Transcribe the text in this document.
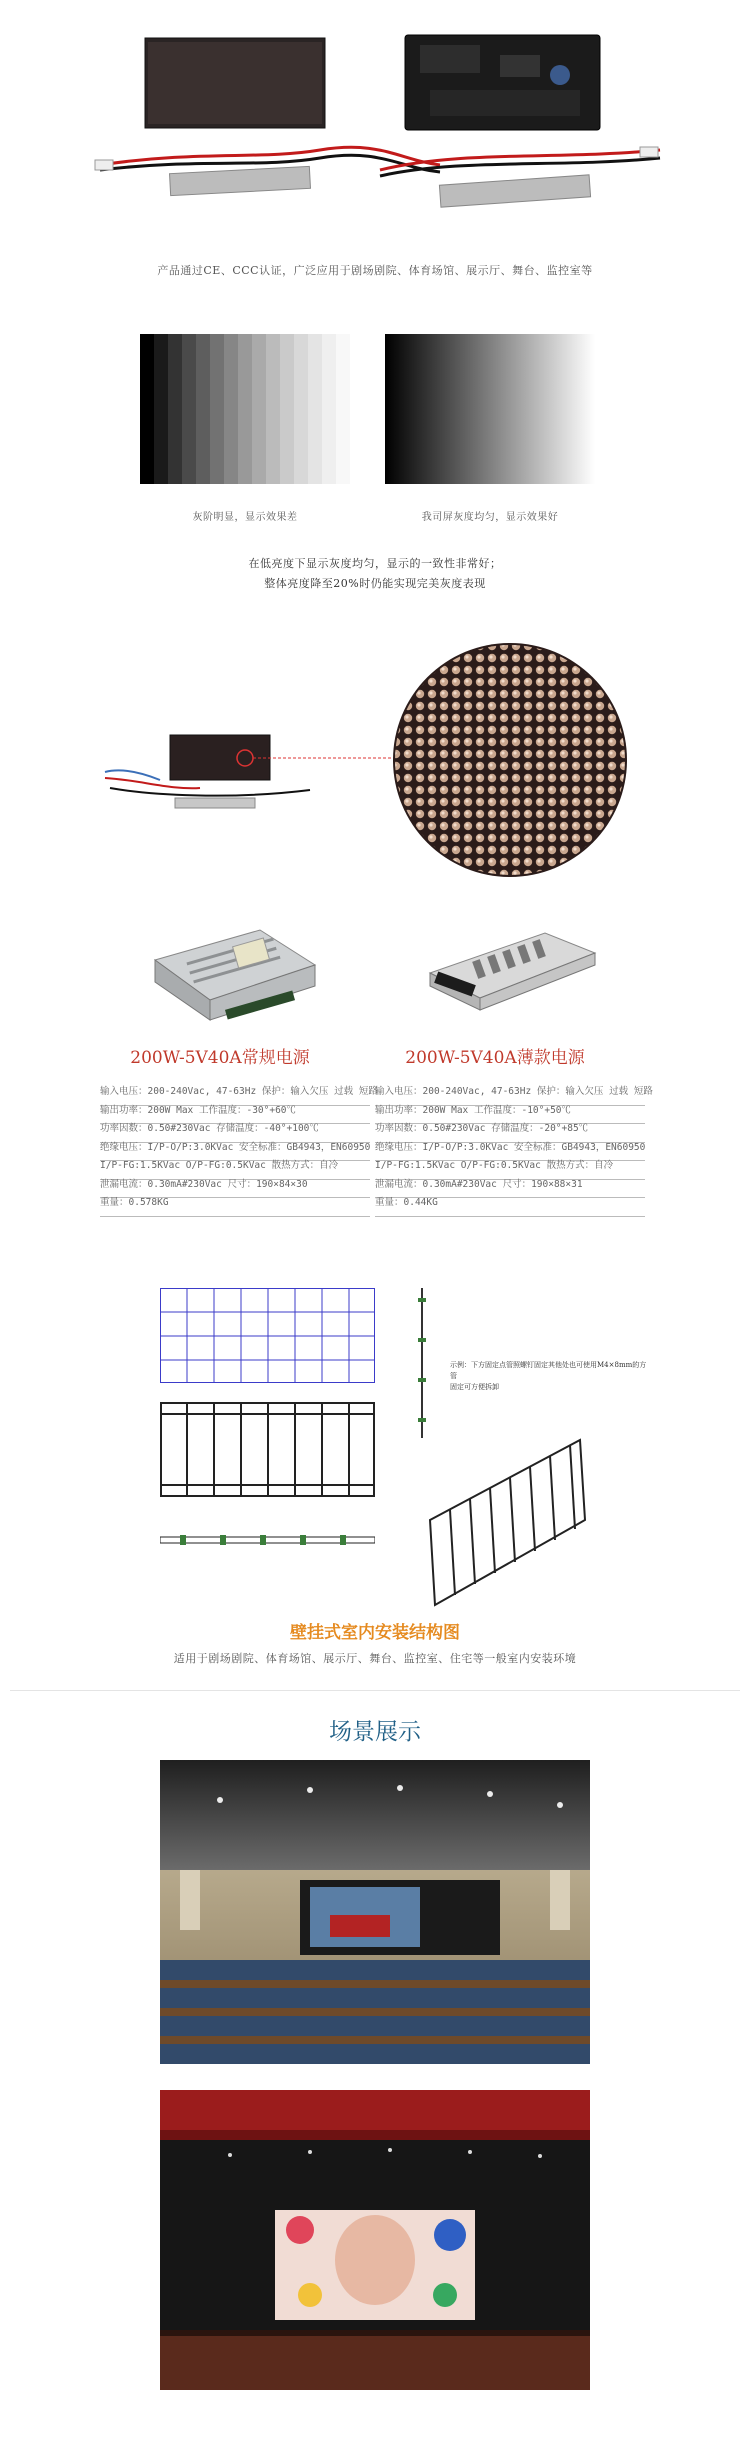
产品通过CE、CCC认证，广泛应用于剧场剧院、体育场馆、展示厅、舞台、监控室等
灰阶明显，显示效果差	我司屏灰度均匀，显示效果好
在低亮度下显示灰度均匀，显示的一致性非常好；
整体亮度降至20%时仍能实现完美灰度表现
200W-5V40A常规电源	200W-5V40A薄款电源
输入电压：200-240Vac, 47-63Hz 保护：输入欠压 过载 短路
输出功率：200W Max 工作温度：-30°+60℃
功率因数：0.50#230Vac 存储温度：-40°+100℃
绝缘电压：I/P-O/P:3.0KVac 安全标准：GB4943，EN60950
I/P-FG:1.5KVac O/P-FG:0.5KVac 散热方式：自冷
泄漏电流：0.30mA#230Vac 尺寸：190×84×30
重量：0.578KG
输入电压：200-240Vac, 47-63Hz 保护：输入欠压 过载 短路
输出功率：200W Max 工作温度：-10°+50℃
功率因数：0.50#230Vac 存储温度：-20°+85℃
绝缘电压：I/P-O/P:3.0KVac 安全标准：GB4943，EN60950
I/P-FG:1.5KVac O/P-FG:0.5KVac 散热方式：自冷
泄漏电流：0.30mA#230Vac 尺寸：190×88×31
重量：0.44KG
示例：下方固定点管照螺钉固定其他处也可使用M4×8mm的方管
固定可方便拆卸
壁挂式室内安装结构图
适用于剧场剧院、体育场馆、展示厅、舞台、监控室、住宅等一般室内安装环境
场景展示
